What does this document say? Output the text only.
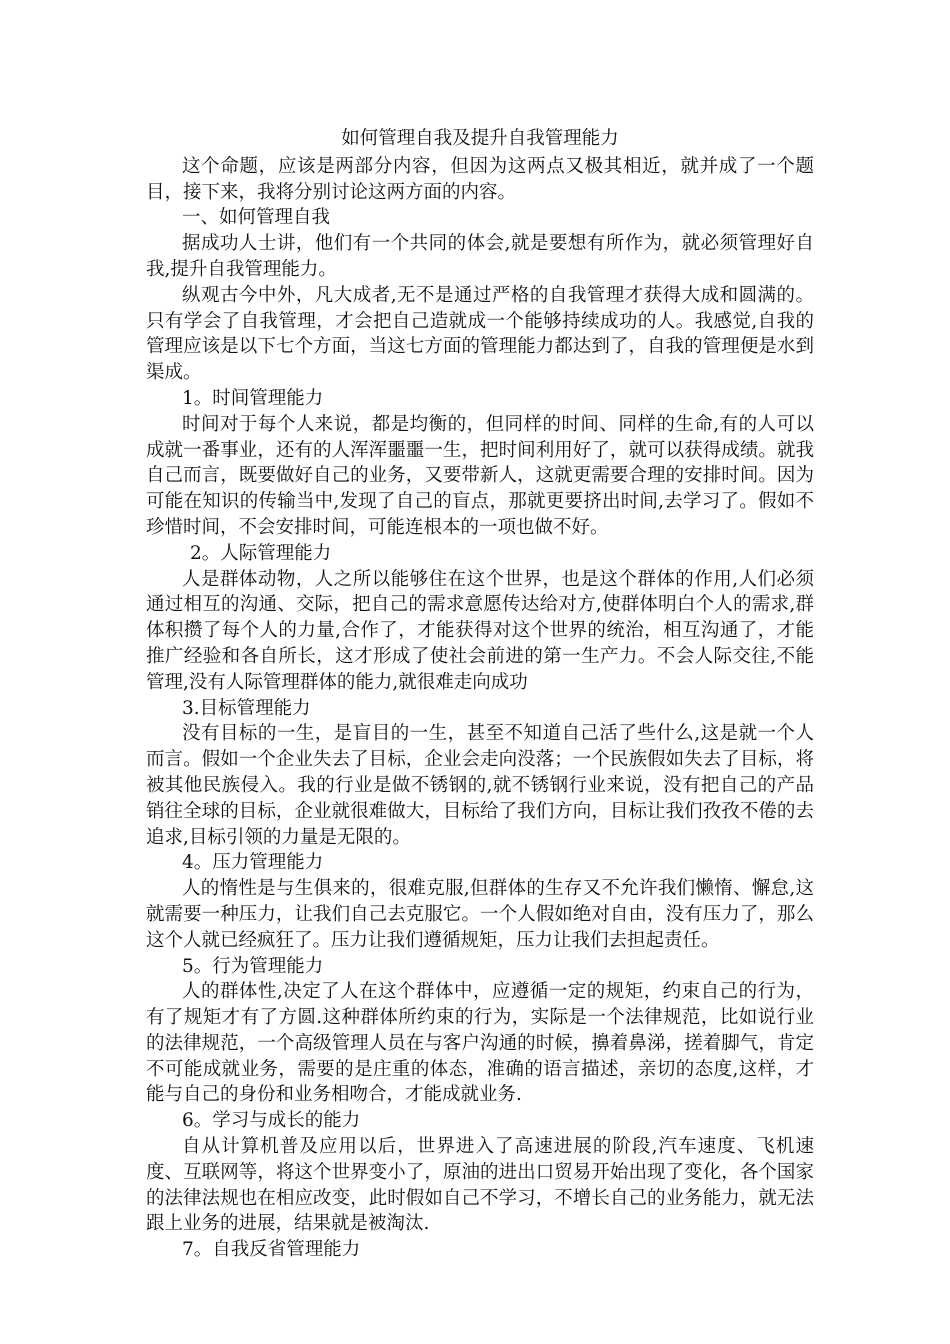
如何管理自我及提升自我管理能力

这个命题，应该是两部分内容，但因为这两点又极其相近，就并成了一个题目，接下来，我将分别讨论这两方面的内容。

一、如何管理自我

据成功人士讲，他们有一个共同的体会,就是要想有所作为，就必须管理好自我,提升自我管理能力。

纵观古今中外，凡大成者,无不是通过严格的自我管理才获得大成和圆满的。只有学会了自我管理，才会把自己造就成一个能够持续成功的人。我感觉,自我的管理应该是以下七个方面，当这七方面的管理能力都达到了，自我的管理便是水到渠成。

1。时间管理能力

时间对于每个人来说，都是均衡的，但同样的时间、同样的生命,有的人可以成就一番事业，还有的人浑浑噩噩一生，把时间利用好了，就可以获得成绩。就我自己而言，既要做好自己的业务，又要带新人，这就更需要合理的安排时间。因为可能在知识的传输当中,发现了自己的盲点，那就更要挤出时间,去学习了。假如不珍惜时间，不会安排时间，可能连根本的一项也做不好。

2。人际管理能力

人是群体动物，人之所以能够住在这个世界，也是这个群体的作用,人们必须通过相互的沟通、交际，把自己的需求意愿传达给对方,使群体明白个人的需求,群体积攒了每个人的力量,合作了，才能获得对这个世界的统治，相互沟通了，才能推广经验和各自所长，这才形成了使社会前进的第一生产力。不会人际交往,不能管理,没有人际管理群体的能力,就很难走向成功

3.目标管理能力

没有目标的一生，是盲目的一生，甚至不知道自己活了些什么,这是就一个人而言。假如一个企业失去了目标，企业会走向没落；一个民族假如失去了目标，将被其他民族侵入。我的行业是做不锈钢的,就不锈钢行业来说，没有把自己的产品销往全球的目标，企业就很难做大，目标给了我们方向，目标让我们孜孜不倦的去追求,目标引领的力量是无限的。

4。压力管理能力

人的惰性是与生俱来的，很难克服,但群体的生存又不允许我们懒惰、懈怠,这就需要一种压力，让我们自己去克服它。一个人假如绝对自由，没有压力了，那么这个人就已经疯狂了。压力让我们遵循规矩，压力让我们去担起责任。

5。行为管理能力

人的群体性,决定了人在这个群体中，应遵循一定的规矩，约束自己的行为，有了规矩才有了方圆.这种群体所约束的行为，实际是一个法律规范，比如说行业的法律规范，一个高级管理人员在与客户沟通的时候，擤着鼻涕，搓着脚气，肯定不可能成就业务，需要的是庄重的体态，准确的语言描述，亲切的态度,这样，才能与自己的身份和业务相吻合，才能成就业务.

6。学习与成长的能力

自从计算机普及应用以后，世界进入了高速进展的阶段,汽车速度、飞机速度、互联网等，将这个世界变小了，原油的进出口贸易开始出现了变化，各个国家的法律法规也在相应改变，此时假如自己不学习，不增长自己的业务能力，就无法跟上业务的进展，结果就是被淘汰.

7。自我反省管理能力
